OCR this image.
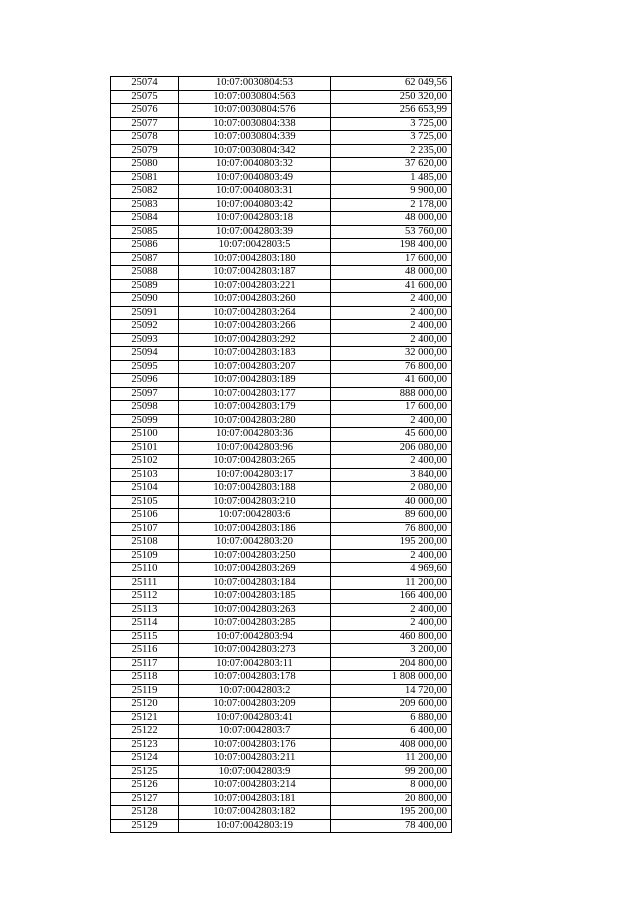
25074	10:07:0030804:53	62 049,56
25075	10:07:0030804:563	250 320,00
25076	10:07:0030804:576	256 653,99
25077	10:07:0030804:338	3 725,00
25078	10:07:0030804:339	3 725,00
25079	10:07:0030804:342	2 235,00
25080	10:07:0040803:32	37 620,00
25081	10:07:0040803:49	1 485,00
25082	10:07:0040803:31	9 900,00
25083	10:07:0040803:42	2 178,00
25084	10:07:0042803:18	48 000,00
25085	10:07:0042803:39	53 760,00
25086	10:07:0042803:5	198 400,00
25087	10:07:0042803:180	17 600,00
25088	10:07:0042803:187	48 000,00
25089	10:07:0042803:221	41 600,00
25090	10:07:0042803:260	2 400,00
25091	10:07:0042803:264	2 400,00
25092	10:07:0042803:266	2 400,00
25093	10:07:0042803:292	2 400,00
25094	10:07:0042803:183	32 000,00
25095	10:07:0042803:207	76 800,00
25096	10:07:0042803:189	41 600,00
25097	10:07:0042803:177	888 000,00
25098	10:07:0042803:179	17 600,00
25099	10:07:0042803:280	2 400,00
25100	10:07:0042803:36	45 600,00
25101	10:07:0042803:96	206 080,00
25102	10:07:0042803:265	2 400,00
25103	10:07:0042803:17	3 840,00
25104	10:07:0042803:188	2 080,00
25105	10:07:0042803:210	40 000,00
25106	10:07:0042803:6	89 600,00
25107	10:07:0042803:186	76 800,00
25108	10:07:0042803:20	195 200,00
25109	10:07:0042803:250	2 400,00
25110	10:07:0042803:269	4 969,60
25111	10:07:0042803:184	11 200,00
25112	10:07:0042803:185	166 400,00
25113	10:07:0042803:263	2 400,00
25114	10:07:0042803:285	2 400,00
25115	10:07:0042803:94	460 800,00
25116	10:07:0042803:273	3 200,00
25117	10:07:0042803:11	204 800,00
25118	10:07:0042803:178	1 808 000,00
25119	10:07:0042803:2	14 720,00
25120	10:07:0042803:209	209 600,00
25121	10:07:0042803:41	6 880,00
25122	10:07:0042803:7	6 400,00
25123	10:07:0042803:176	408 000,00
25124	10:07:0042803:211	11 200,00
25125	10:07:0042803:9	99 200,00
25126	10:07:0042803:214	8 000,00
25127	10:07:0042803:181	20 800,00
25128	10:07:0042803:182	195 200,00
25129	10:07:0042803:19	78 400,00
